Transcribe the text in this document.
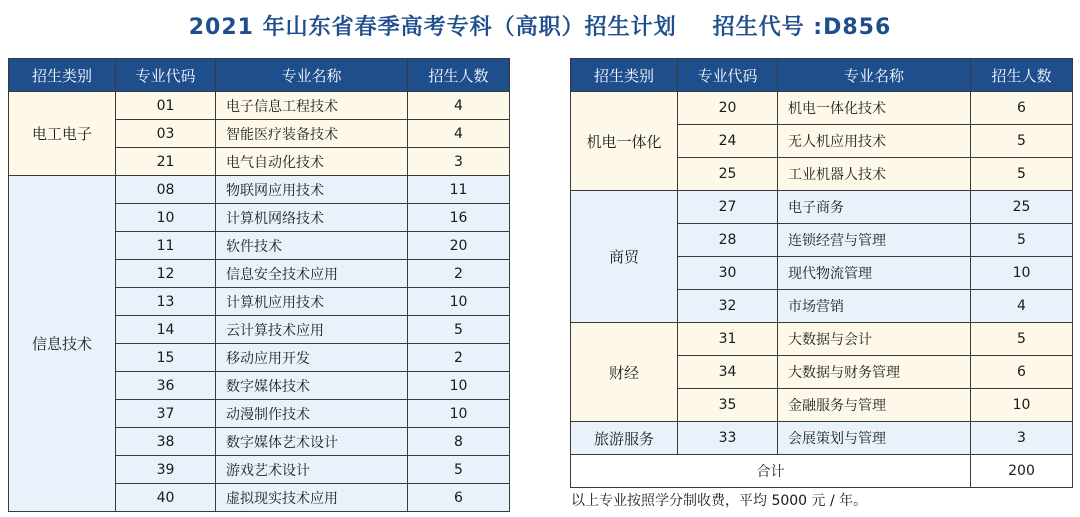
2021 年山东省春季高考专科（高职）招生计划 招生代号 :D856
招生类别	专业代码	专业名称	招生人数
电工电子	01	电子信息工程技术	4
	03	智能医疗装备技术	4
	21	电气自动化技术	3
信息技术	08	物联网应用技术	11
	10	计算机网络技术	16
	11	软件技术	20
	12	信息安全技术应用	2
	13	计算机应用技术	10
	14	云计算技术应用	5
	15	移动应用开发	2
	36	数字媒体技术	10
	37	动漫制作技术	10
	38	数字媒体艺术设计	8
	39	游戏艺术设计	5
	40	虚拟现实技术应用	6
招生类别	专业代码	专业名称	招生人数
机电一体化	20	机电一体化技术	6
	24	无人机应用技术	5
	25	工业机器人技术	5
商贸	27	电子商务	25
	28	连锁经营与管理	5
	30	现代物流管理	10
	32	市场营销	4
财经	31	大数据与会计	5
	34	大数据与财务管理	6
	35	金融服务与管理	10
旅游服务	33	会展策划与管理	3
合计			200
以上专业按照学分制收费，平均 5000 元 / 年。
